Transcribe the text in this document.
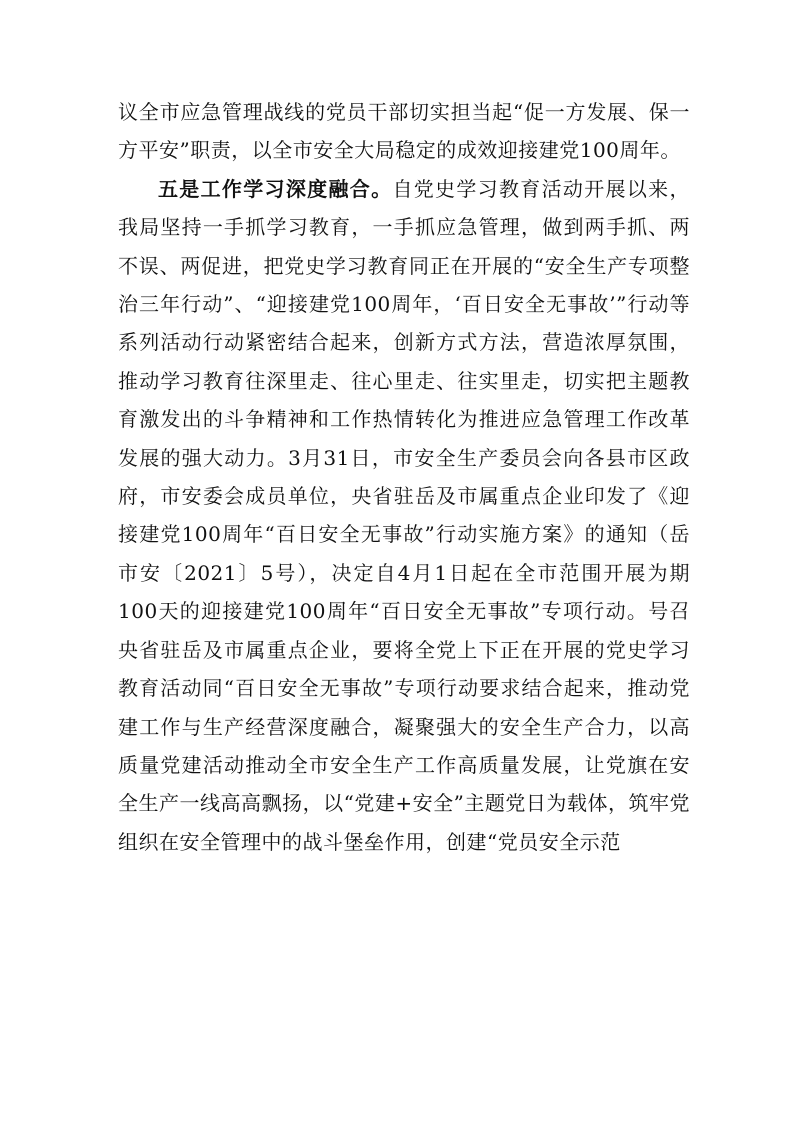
议全市应急管理战线的党员干部切实担当起“促一方发展、保一方平安”职责，以全市安全大局稳定的成效迎接建党100周年。

五是工作学习深度融合。自党史学习教育活动开展以来，我局坚持一手抓学习教育，一手抓应急管理，做到两手抓、两不误、两促进，把党史学习教育同正在开展的“安全生产专项整治三年行动”、“迎接建党100周年，‘百日安全无事故’”行动等系列活动行动紧密结合起来，创新方式方法，营造浓厚氛围，推动学习教育往深里走、往心里走、往实里走，切实把主题教育激发出的斗争精神和工作热情转化为推进应急管理工作改革发展的强大动力。3月31日，市安全生产委员会向各县市区政府，市安委会成员单位，央省驻岳及市属重点企业印发了《迎接建党100周年“百日安全无事故”行动实施方案》的通知（岳市安〔2021〕5号），决定自4月1日起在全市范围开展为期100天的迎接建党100周年“百日安全无事故”专项行动。号召央省驻岳及市属重点企业，要将全党上下正在开展的党史学习教育活动同“百日安全无事故”专项行动要求结合起来，推动党建工作与生产经营深度融合，凝聚强大的安全生产合力，以高质量党建活动推动全市安全生产工作高质量发展，让党旗在安全生产一线高高飘扬，以“党建+安全”主题党日为载体，筑牢党组织在安全管理中的战斗堡垒作用，创建“党员安全示范
